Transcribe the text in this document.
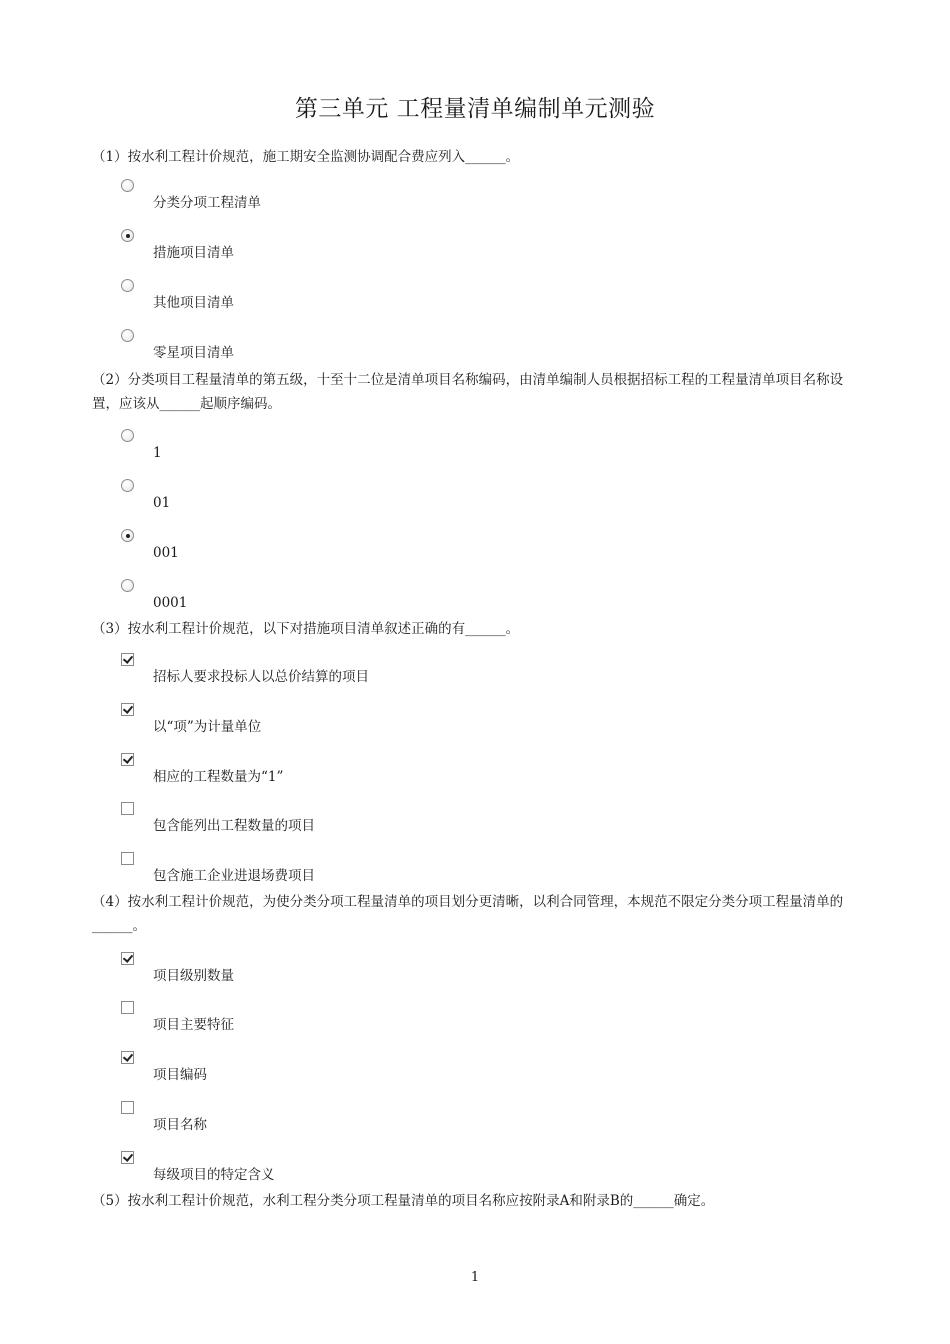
第三单元 工程量清单编制单元测验
（1）按水利工程计价规范，施工期安全监测协调配合费应列入______。
分类分项工程清单
措施项目清单
其他项目清单
零星项目清单
（2）分类项目工程量清单的第五级，十至十二位是清单项目名称编码，由清单编制人员根据招标工程的工程量清单项目名称设置，应该从______起顺序编码。
1
01
001
0001
（3）按水利工程计价规范，以下对措施项目清单叙述正确的有______。
招标人要求投标人以总价结算的项目
以“项”为计量单位
相应的工程数量为“1”
包含能列出工程数量的项目
包含施工企业进退场费项目
（4）按水利工程计价规范，为使分类分项工程量清单的项目划分更清晰，以利合同管理，本规范不限定分类分项工程量清单的______。
项目级别数量
项目主要特征
项目编码
项目名称
每级项目的特定含义
（5）按水利工程计价规范，水利工程分类分项工程量清单的项目名称应按附录A和附录B的______确定。
1
